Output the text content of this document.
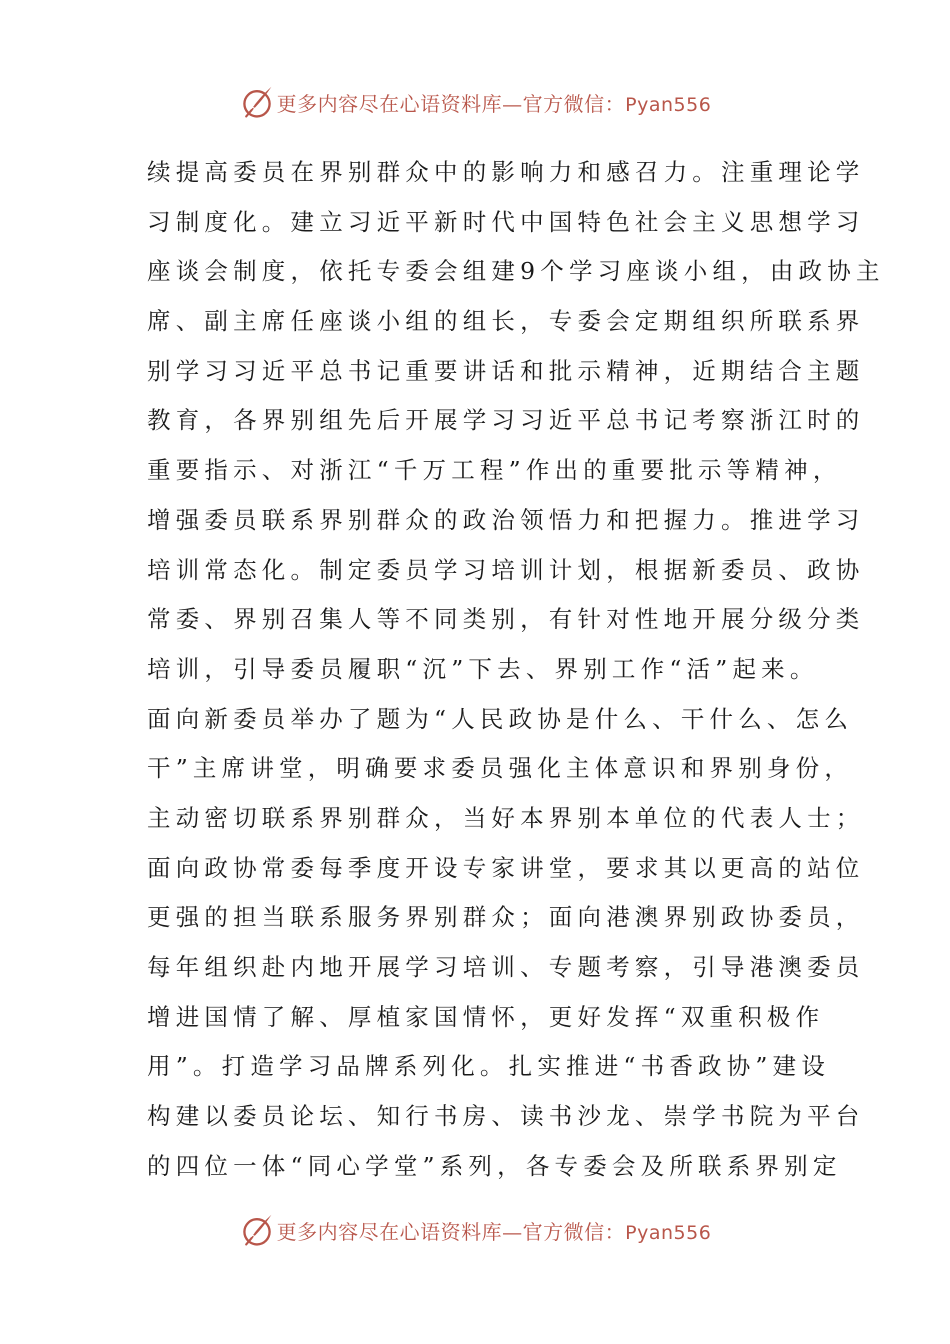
更多内容尽在心语资料库—官方微信：Pyan556
续提高委员在界别群众中的影响力和感召力。注重理论学
习制度化。建立习近平新时代中国特色社会主义思想学习
座谈会制度，依托专委会组建9个学习座谈小组，由政协主
席、副主席任座谈小组的组长，专委会定期组织所联系界
别学习习近平总书记重要讲话和批示精神，近期结合主题
教育，各界别组先后开展学习习近平总书记考察浙江时的
重要指示、对浙江“千万工程”作出的重要批示等精神，
增强委员联系界别群众的政治领悟力和把握力。推进学习
培训常态化。制定委员学习培训计划，根据新委员、政协
常委、界别召集人等不同类别，有针对性地开展分级分类
培训，引导委员履职“沉”下去、界别工作“活”起来。
面向新委员举办了题为“人民政协是什么、干什么、怎么
干”主席讲堂，明确要求委员强化主体意识和界别身份，
主动密切联系界别群众，当好本界别本单位的代表人士；
面向政协常委每季度开设专家讲堂，要求其以更高的站位
更强的担当联系服务界别群众；面向港澳界别政协委员，
每年组织赴内地开展学习培训、专题考察，引导港澳委员
增进国情了解、厚植家国情怀，更好发挥“双重积极作
用”。打造学习品牌系列化。扎实推进“书香政协”建设
构建以委员论坛、知行书房、读书沙龙、崇学书院为平台
的四位一体“同心学堂”系列，各专委会及所联系界别定
更多内容尽在心语资料库—官方微信：Pyan556
